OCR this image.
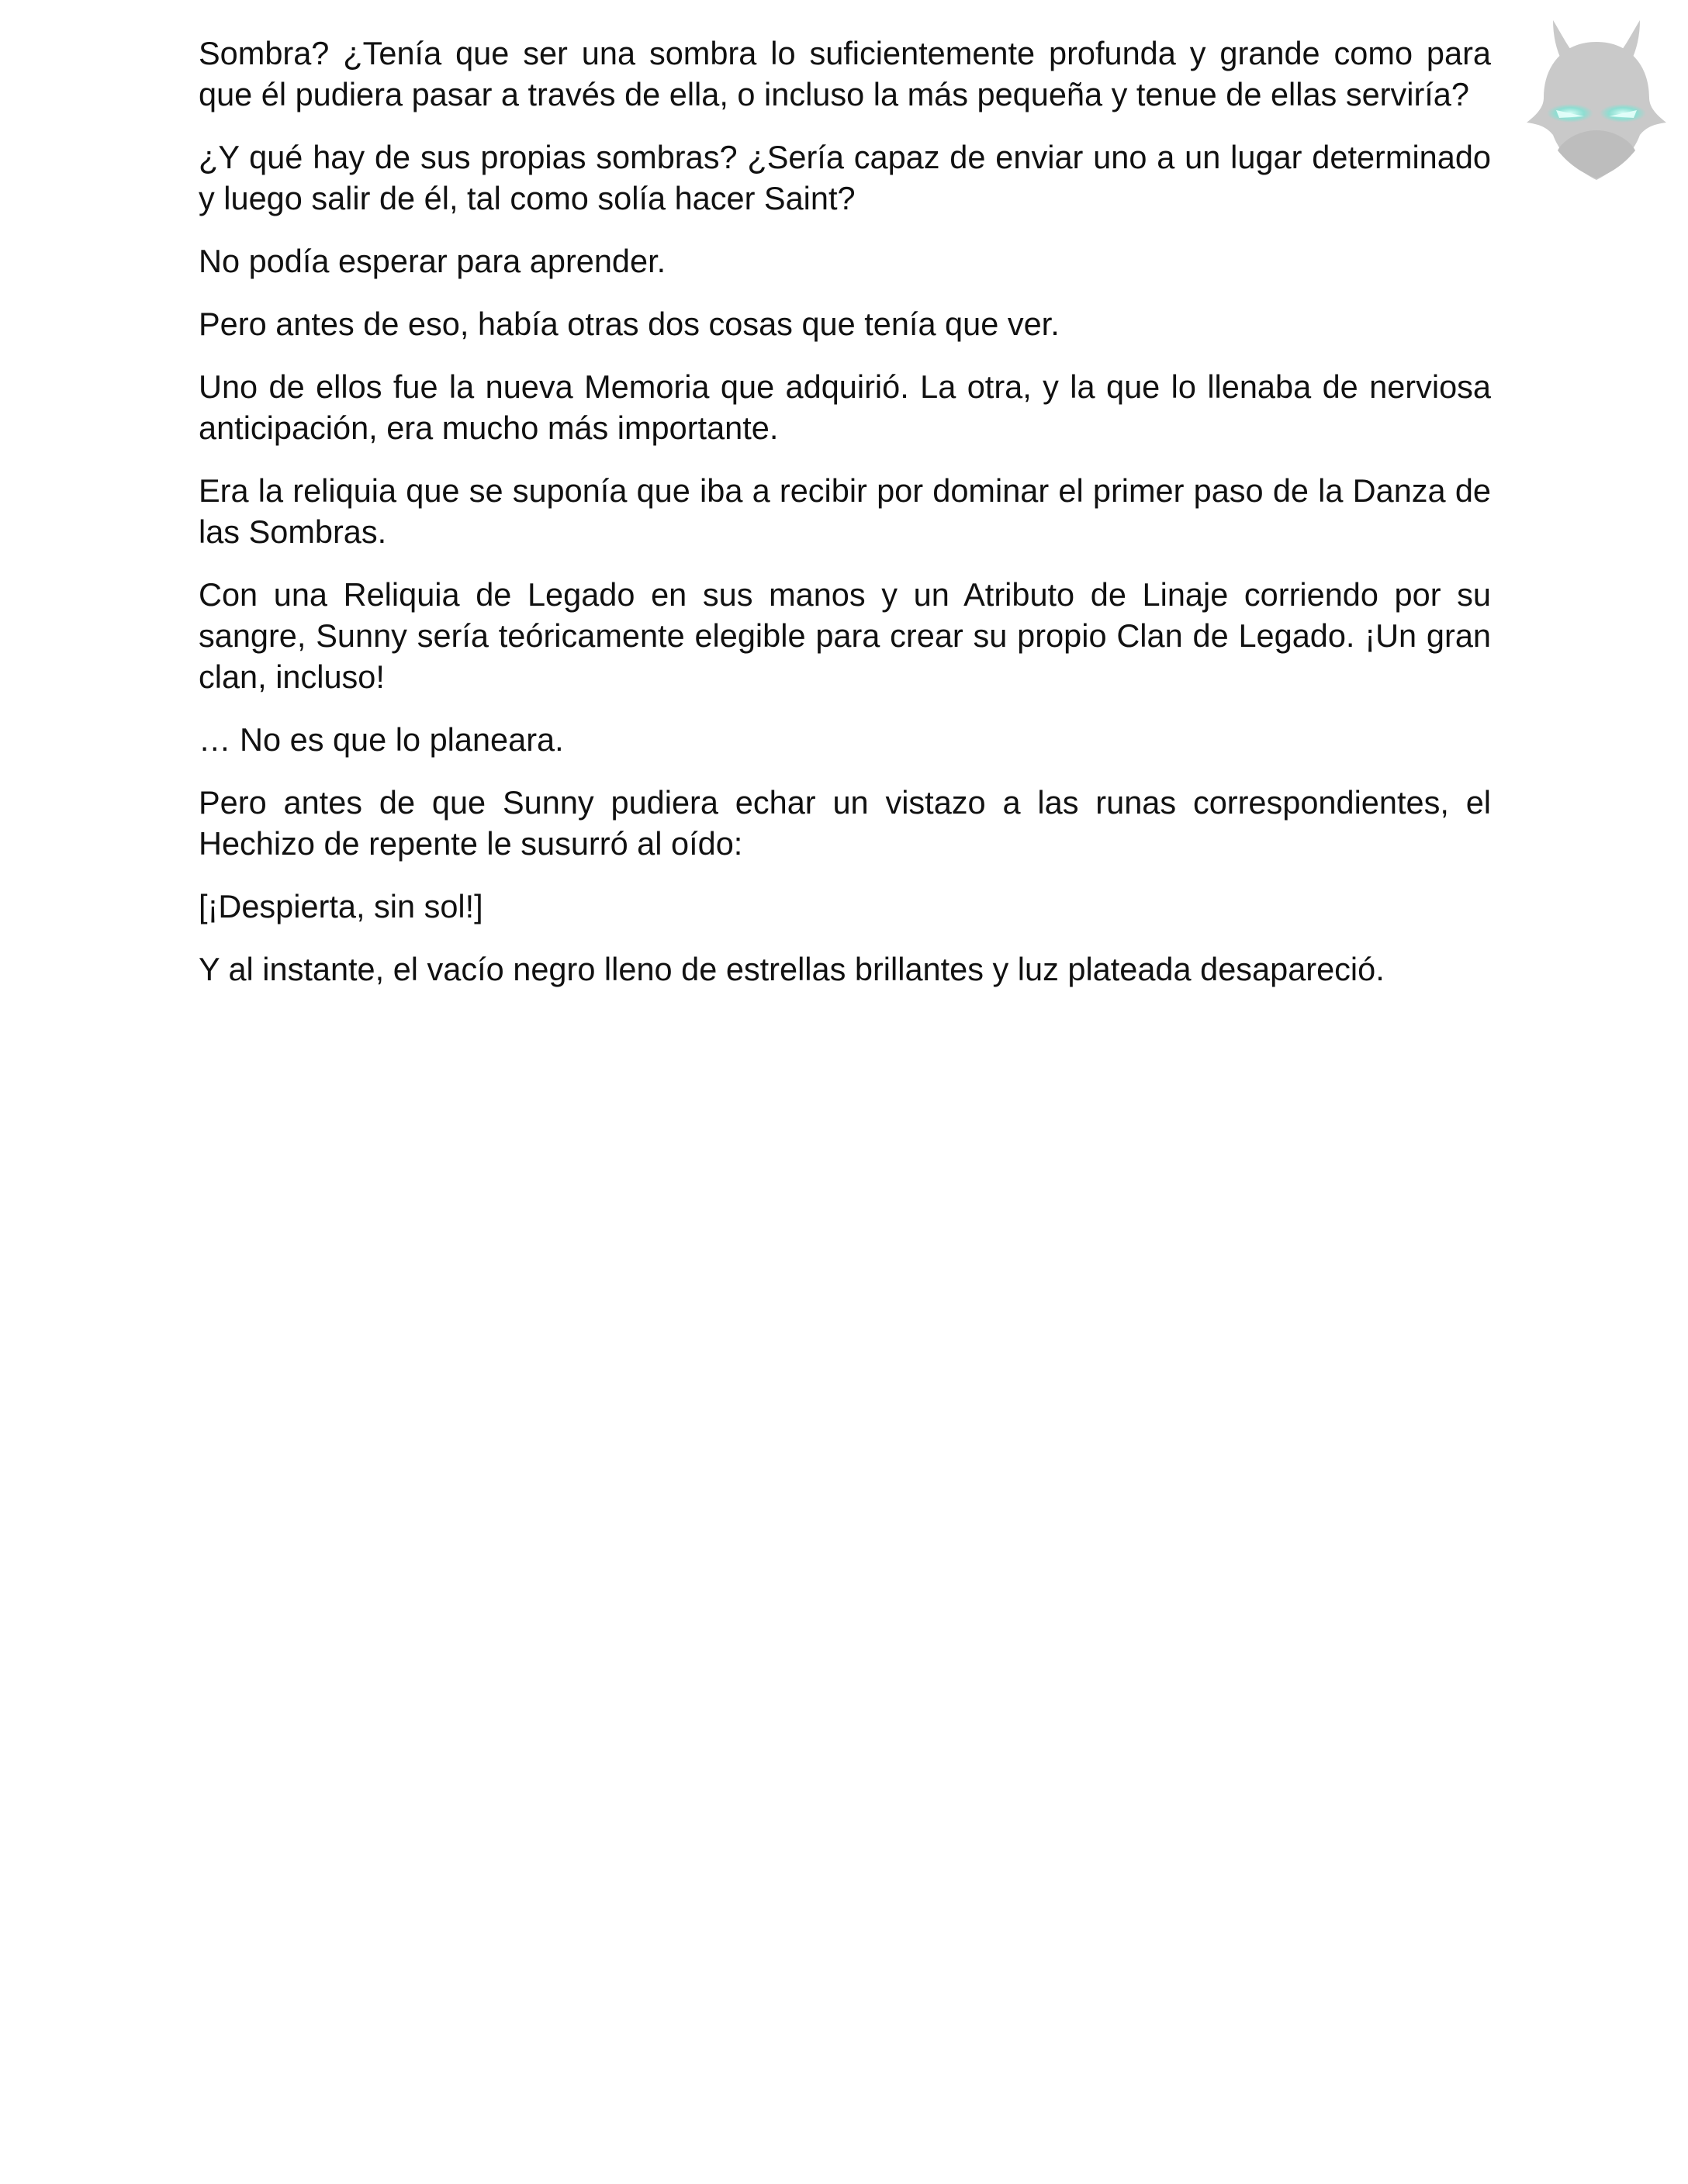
Sombra? ¿Tenía que ser una sombra lo suficientemente profunda y grande como para que él pudiera pasar a través de ella, o incluso la más pequeña y tenue de ellas serviría?

¿Y qué hay de sus propias sombras? ¿Sería capaz de enviar uno a un lugar determinado y luego salir de él, tal como solía hacer Saint?

No podía esperar para aprender.

Pero antes de eso, había otras dos cosas que tenía que ver.

Uno de ellos fue la nueva Memoria que adquirió. La otra, y la que lo llenaba de nerviosa anticipación, era mucho más importante.

Era la reliquia que se suponía que iba a recibir por dominar el primer paso de la Danza de las Sombras.

Con una Reliquia de Legado en sus manos y un Atributo de Linaje corriendo por su sangre, Sunny sería teóricamente elegible para crear su propio Clan de Legado. ¡Un gran clan, incluso!

… No es que lo planeara.

Pero antes de que Sunny pudiera echar un vistazo a las runas correspondientes, el Hechizo de repente le susurró al oído:

[¡Despierta, sin sol!]

Y al instante, el vacío negro lleno de estrellas brillantes y luz plateada desapareció.
